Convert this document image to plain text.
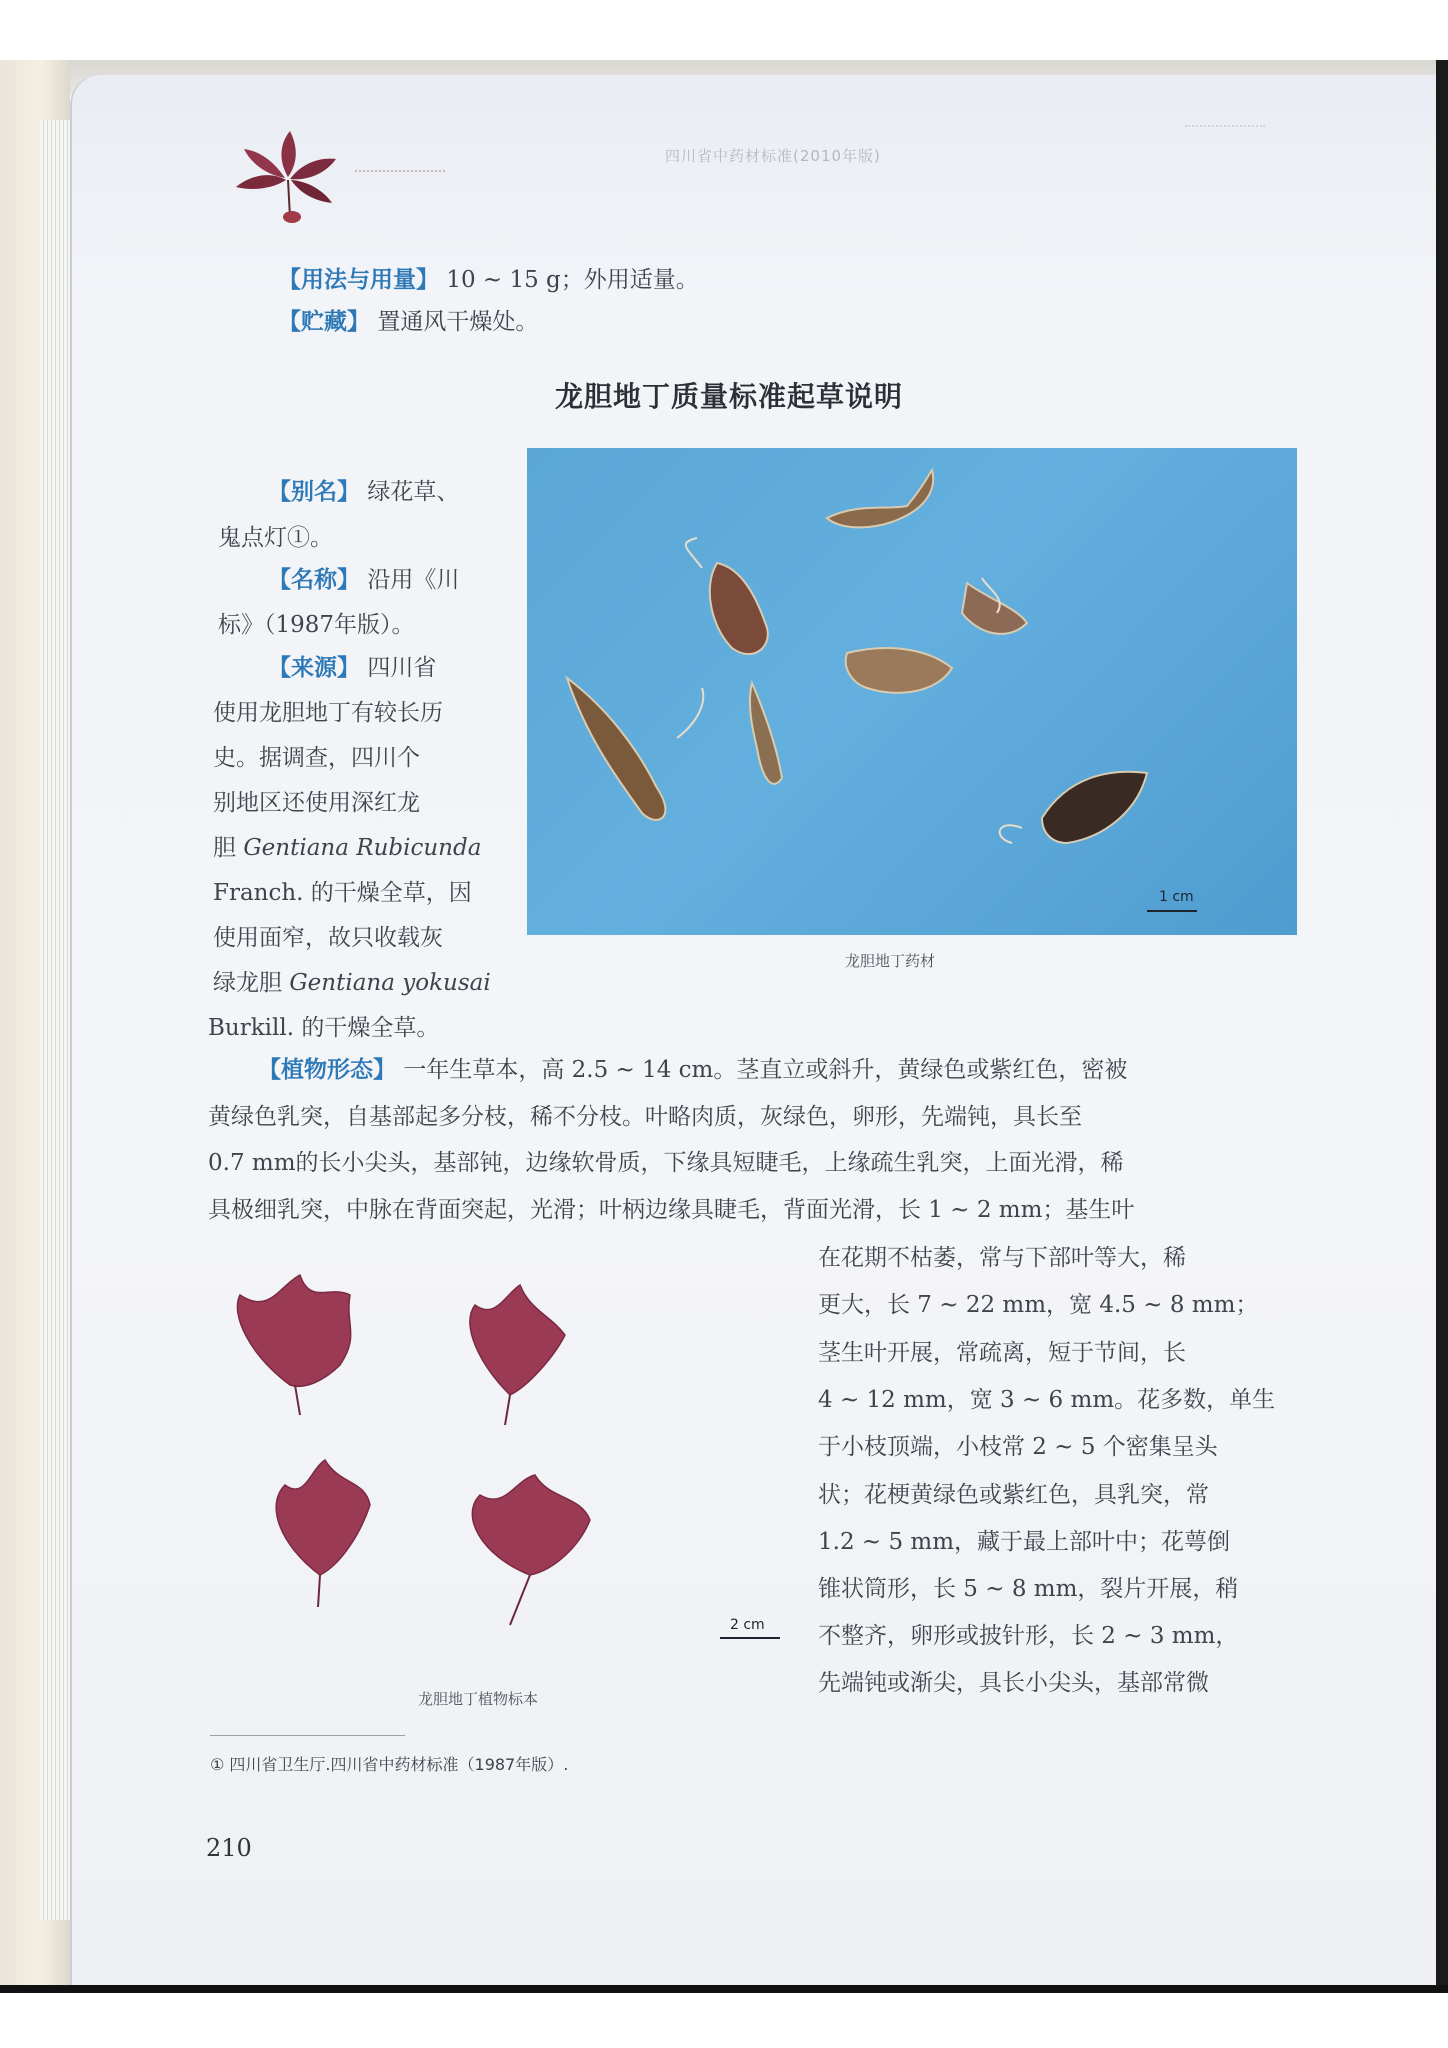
四川省中药材标准(2010年版)
【用法与用量】 10 ~ 15 g；外用适量。
【贮藏】 置通风干燥处。
龙胆地丁质量标准起草说明
【别名】 绿花草、
鬼点灯①。
【名称】 沿用《川
标》（1987年版）。
【来源】 四川省
使用龙胆地丁有较长历
史。据调查，四川个
别地区还使用深红龙
胆 Gentiana Rubicunda
Franch. 的干燥全草，因
使用面窄，故只收载灰
绿龙胆 Gentiana yokusai
Burkill. 的干燥全草。
1 cm
龙胆地丁药材
【植物形态】 一年生草本，高 2.5 ~ 14 cm。茎直立或斜升，黄绿色或紫红色，密被
黄绿色乳突，自基部起多分枝，稀不分枝。叶略肉质，灰绿色，卵形，先端钝，具长至
0.7 mm的长小尖头，基部钝，边缘软骨质，下缘具短睫毛，上缘疏生乳突，上面光滑，稀
具极细乳突，中脉在背面突起，光滑；叶柄边缘具睫毛，背面光滑，长 1 ~ 2 mm；基生叶
在花期不枯萎，常与下部叶等大，稀
更大，长 7 ~ 22 mm，宽 4.5 ~ 8 mm；
茎生叶开展，常疏离，短于节间，长
4 ~ 12 mm，宽 3 ~ 6 mm。花多数，单生
于小枝顶端，小枝常 2 ~ 5 个密集呈头
状；花梗黄绿色或紫红色，具乳突，常
1.2 ~ 5 mm，藏于最上部叶中；花萼倒
锥状筒形，长 5 ~ 8 mm，裂片开展，稍
不整齐，卵形或披针形，长 2 ~ 3 mm，
先端钝或渐尖，具长小尖头，基部常微
2 cm
龙胆地丁植物标本
① 四川省卫生厅.四川省中药材标准（1987年版）.
210
